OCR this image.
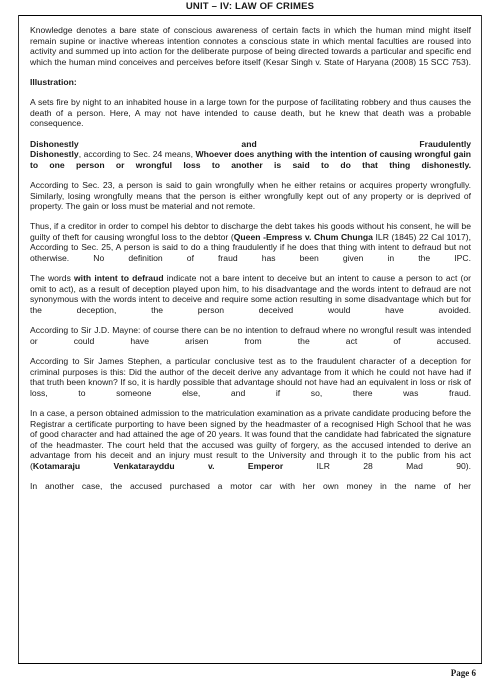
UNIT – IV: LAW OF CRIMES

Knowledge denotes a bare state of conscious awareness of certain facts in which the human mind might itself remain supine or inactive whereas intention connotes a conscious state in which mental faculties are roused into activity and summed up into action for the deliberate purpose of being directed towards a particular and specific end which the human mind conceives and perceives before itself (Kesar Singh v. State of Haryana (2008) 15 SCC 753).

Illustration:

A sets fire by night to an inhabited house in a large town for the purpose of facilitating robbery and thus causes the death of a person. Here, A may not have intended to cause death, but he knew that death was a probable consequence.

Dishonestly and Fraudulently
Dishonestly, according to Sec. 24 means, Whoever does anything with the intention of causing wrongful gain to one person or wrongful loss to another is said to do that thing dishonestly.

According to Sec. 23, a person is said to gain wrongfully when he either retains or acquires property wrongfully. Similarly, losing wrongfully means that the person is either wrongfully kept out of any property or is deprived of property. The gain or loss must be material and not remote.

Thus, if a creditor in order to compel his debtor to discharge the debt takes his goods without his consent, he will be guilty of theft for causing wrongful loss to the debtor (Queen -Empress v. Chum Chunga ILR (1845) 22 Cal 1017), According to Sec. 25, A person is said to do a thing fraudulently if he does that thing with intent to defraud but not otherwise. No definition of fraud has been given in the IPC.

The words with intent to defraud indicate not a bare intent to deceive but an intent to cause a person to act (or omit to act), as a result of deception played upon him, to his disadvantage and the words intent to defraud are not synonymous with the words intent to deceive and require some action resulting in some disadvantage which but for the deception, the person deceived would have avoided.

According to Sir J.D. Mayne: of course there can be no intention to defraud where no wrongful result was intended or could have arisen from the act of accused.

According to Sir James Stephen, a particular conclusive test as to the fraudulent character of a deception for criminal purposes is this: Did the author of the deceit derive any advantage from it which he could not have had if that truth been known? If so, it is hardly possible that advantage should not have had an equivalent in loss or risk of loss, to someone else, and if so, there was fraud.

In a case, a person obtained admission to the matriculation examination as a private candidate producing before the Registrar a certificate purporting to have been signed by the headmaster of a recognised High School that he was of good character and had attained the age of 20 years. It was found that the candidate had fabricated the signature of the headmaster. The court held that the accused was guilty of forgery, as the accused intended to derive an advantage from his deceit and an injury must result to the University and through it to the public from his act (Kotamaraju Venkatarayddu v. Emperor ILR 28 Mad 90).

In another case, the accused purchased a motor car with her own money in the name of her

Page 6
